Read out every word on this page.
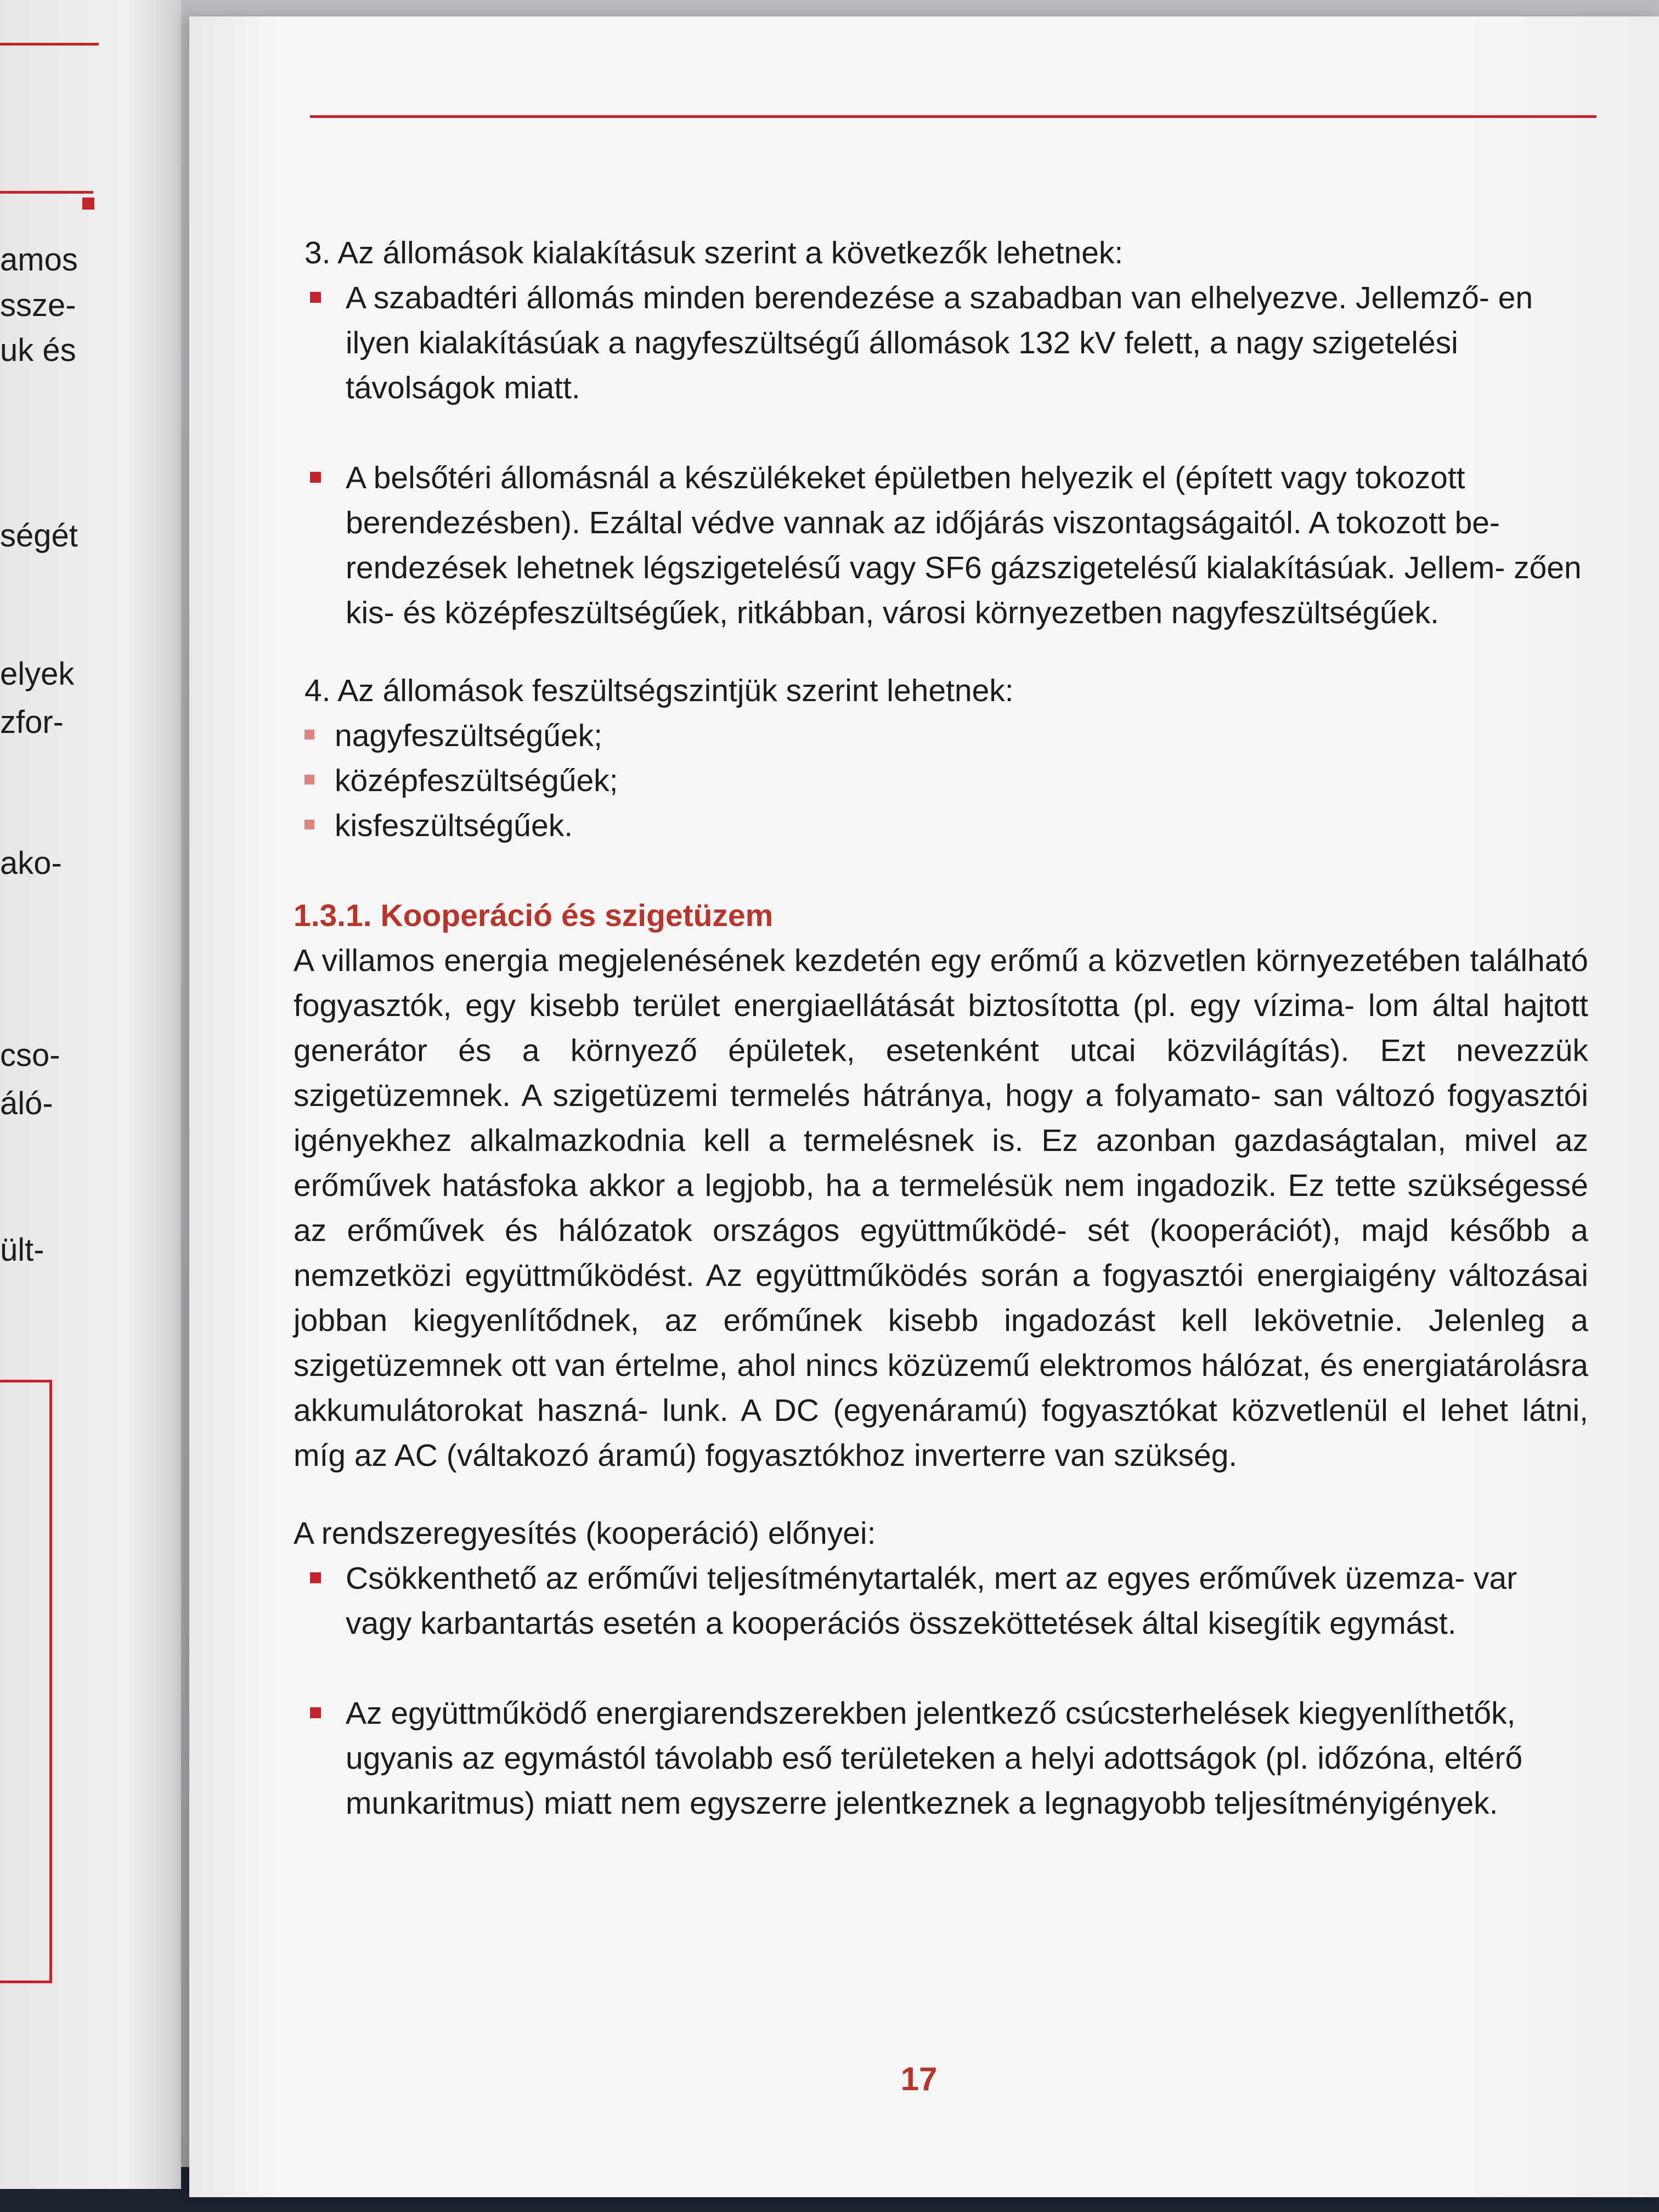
amos

ssze-

uk és

ségét

elyek

zfor-

ako-

cso-

áló-

ült-

3. Az állomások kialakításuk szerint a következők lehetnek:

A szabadtéri állomás minden berendezése a szabadban van elhelyezve. Jellemző- en ilyen kialakításúak a nagyfeszültségű állomások 132 kV felett, a nagy szigetelési távolságok miatt.
A belsőtéri állomásnál a készülékeket épületben helyezik el (épített vagy tokozott berendezésben). Ezáltal védve vannak az időjárás viszontagságaitól. A tokozott be- rendezések lehetnek légszigetelésű vagy SF6 gázszigetelésű kialakításúak. Jellem- zően kis- és középfeszültségűek, ritkábban, városi környezetben nagyfeszültségűek.

4. Az állomások feszültségszintjük szerint lehetnek:

nagyfeszültségűek;
középfeszültségűek;
kisfeszültségűek.
1.3.1. Kooperáció és szigetüzem

A villamos energia megjelenésének kezdetén egy erőmű a közvetlen környezetében található fogyasztók, egy kisebb terület energiaellátását biztosította (pl. egy vízima- lom által hajtott generátor és a környező épületek, esetenként utcai közvilágítás). Ezt nevezzük szigetüzemnek. A szigetüzemi termelés hátránya, hogy a folyamato- san változó fogyasztói igényekhez alkalmazkodnia kell a termelésnek is. Ez azonban gazdaságtalan, mivel az erőművek hatásfoka akkor a legjobb, ha a termelésük nem ingadozik. Ez tette szükségessé az erőművek és hálózatok országos együttműködé- sét (kooperációt), majd később a nemzetközi együttműködést. Az együttműködés során a fogyasztói energiaigény változásai jobban kiegyenlítődnek, az erőműnek kisebb ingadozást kell lekövetnie. Jelenleg a szigetüzemnek ott van értelme, ahol nincs közüzemű elektromos hálózat, és energiatárolásra akkumulátorokat haszná- lunk. A DC (egyenáramú) fogyasztókat közvetlenül el lehet látni, míg az AC (váltakozó áramú) fogyasztókhoz inverterre van szükség.

A rendszeregyesítés (kooperáció) előnyei:

Csökkenthető az erőművi teljesítménytartalék, mert az egyes erőművek üzemza- var vagy karbantartás esetén a kooperációs összeköttetések által kisegítik egymást.
Az együttműködő energiarendszerekben jelentkező csúcsterhelések kiegyenlíthetők, ugyanis az egymástól távolabb eső területeken a helyi adottságok (pl. időzóna, eltérő munkaritmus) miatt nem egyszerre jelentkeznek a legnagyobb teljesítményigények.
17
